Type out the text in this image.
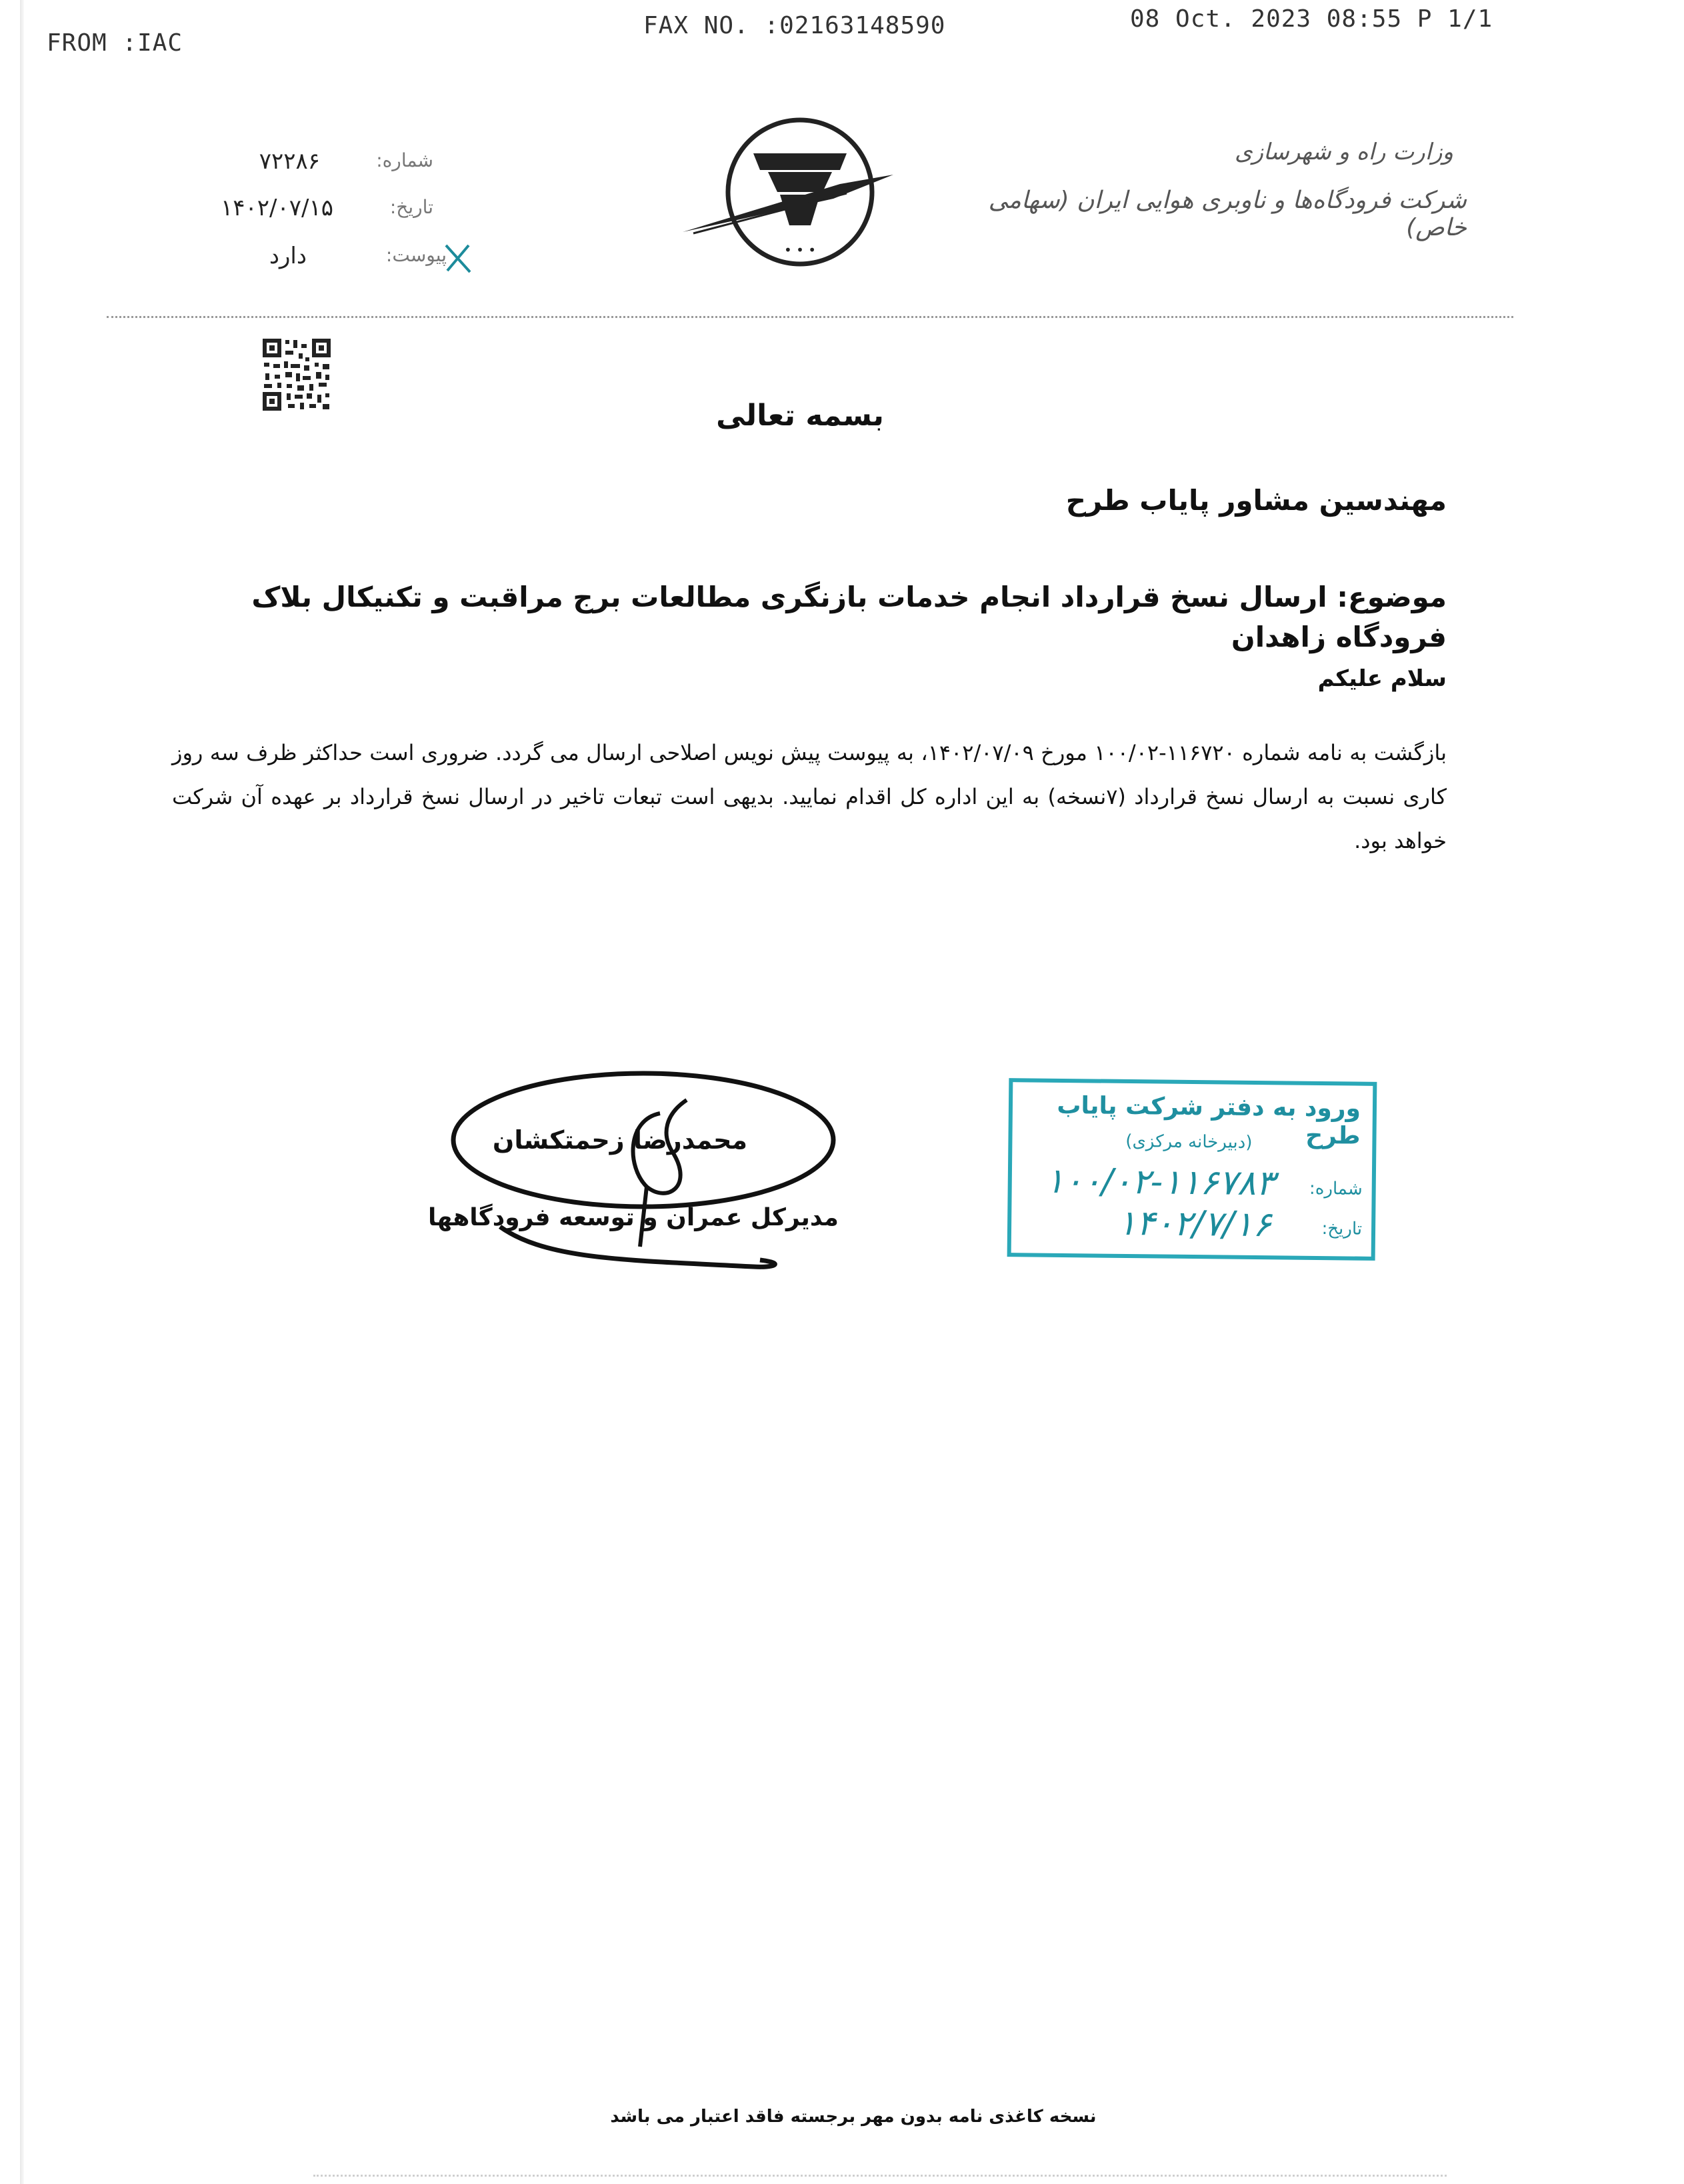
FROM :IAC
FAX NO. :02163148590	08 Oct. 2023 08:55 P 1/1
۷۲۲۸۶	شماره:
۱۴۰۲/۰۷/۱۵	تاریخ:
دارد	پیوست:	• • •
وزارت راه و شهرسازی
شرکت فرودگاه‌ها و ناوبری هوایی ایران (سهامی خاص)
بسمه تعالی
مهندسین مشاور پایاب طرح
موضوع: ارسال نسخ قرارداد انجام خدمات بازنگری مطالعات برج مراقبت و تکنیکال بلاک فرودگاه زاهدان
سلام علیکم
بازگشت به نامه شماره ۱۱۶۷۲۰-۱۰۰/۰۲ مورخ ۱۴۰۲/۰۷/۰۹، به پیوست پیش نویس اصلاحی ارسال می گردد. ضروری است حداکثر ظرف سه روز کاری نسبت به ارسال نسخ قرارداد (۷نسخه) به این اداره کل اقدام نمایید. بدیهی است تبعات تاخیر در ارسال نسخ قرارداد بر عهده آن شرکت خواهد بود.
محمدرضا زحمتکشان
مدیرکل عمران و توسعه فرودگاهها
ورود به دفتر شرکت پایاب طرح
(دبیرخانه مرکزی)
شماره:
۱۰۰/۰۲-۱۱۶۷۸۳
تاریخ:
۱۴۰۲/۷/۱۶
نسخه کاغذی نامه بدون مهر برجسته فاقد اعتبار می باشد
